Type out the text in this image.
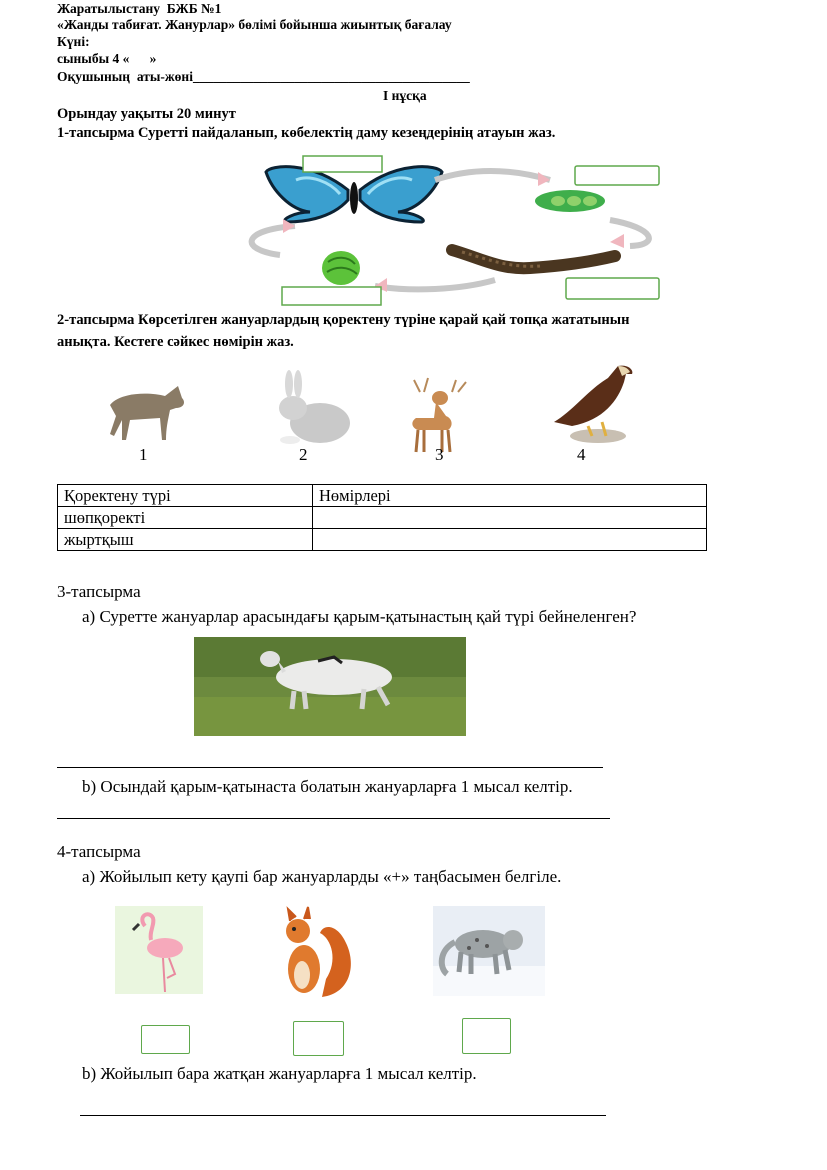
Жаратылыстану  БЖБ №1
«Жанды табиғат. Жанурлар» бөлімі бойынша жиынтық бағалау
Күні:
сыныбы 4 «      »
Оқушының  аты-жөні_________________________________________
I нұсқа
Орындау уақыты 20 минут
1-тапсырма Суретті пайдаланып, көбелектің даму кезеңдерінің атауын жаз.
2-тапсырма Көрсетілген жануарлардың қоректену түріне қарай қай топқа жататынын
анықта. Кестеге сәйкес нөмірін жаз.
1	2	3	4
Қоректену түрі	Нөмірлері
шөпқоректі	
жыртқыш	
3-тапсырма
a) Суретте жануарлар арасындағы қарым-қатынастың қай түрі бейнеленген?
b) Осындай қарым-қатынаста болатын жануарларға 1 мысал келтір.
4-тапсырма
a) Жойылып кету қаупі бар жануарларды «+» таңбасымен белгіле.
b) Жойылып бара жатқан жануарларға 1 мысал келтір.
